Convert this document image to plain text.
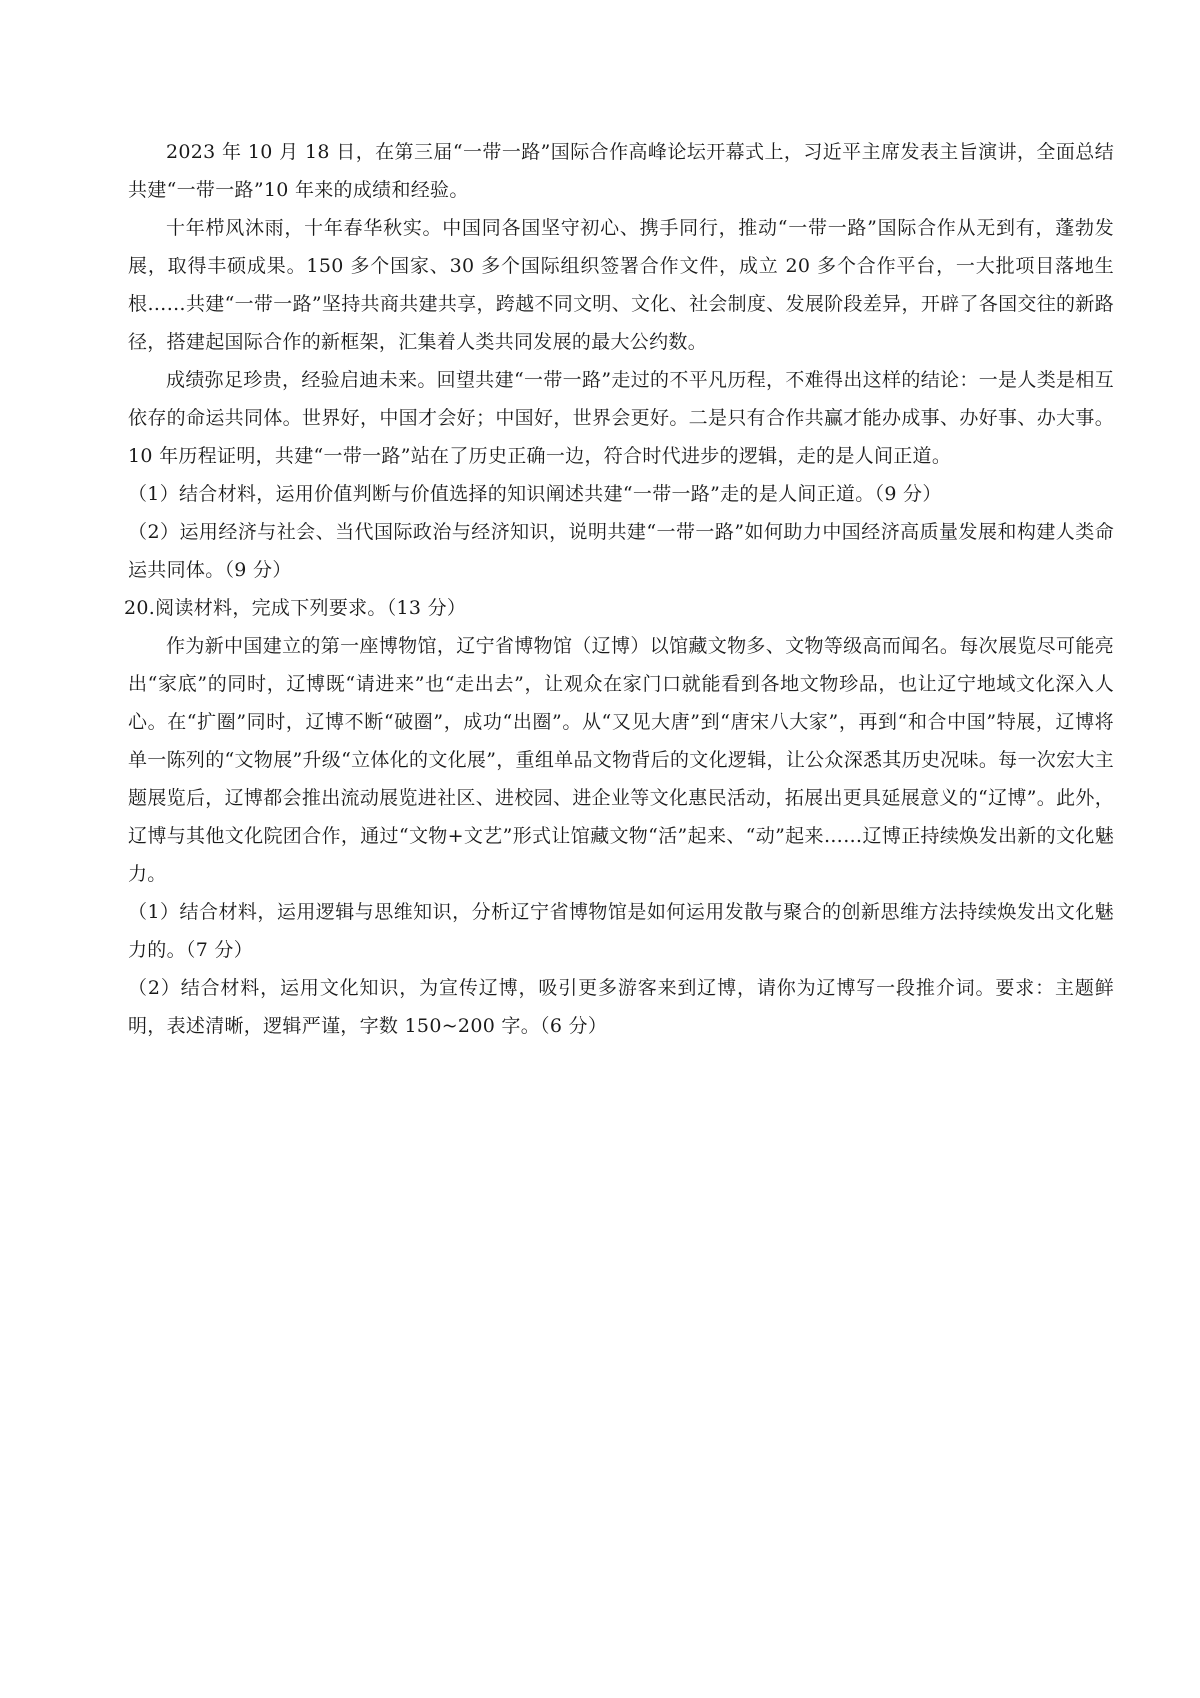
2023 年 10 月 18 日，在第三届“一带一路”国际合作高峰论坛开幕式上，习近平主席发表主旨演讲，全面总结共建“一带一路”10 年来的成绩和经验。

十年栉风沐雨，十年春华秋实。中国同各国坚守初心、携手同行，推动“一带一路”国际合作从无到有，蓬勃发展，取得丰硕成果。150 多个国家、30 多个国际组织签署合作文件，成立 20 多个合作平台，一大批项目落地生根……共建“一带一路”坚持共商共建共享，跨越不同文明、文化、社会制度、发展阶段差异，开辟了各国交往的新路径，搭建起国际合作的新框架，汇集着人类共同发展的最大公约数。

成绩弥足珍贵，经验启迪未来。回望共建“一带一路”走过的不平凡历程，不难得出这样的结论：一是人类是相互依存的命运共同体。世界好，中国才会好；中国好，世界会更好。二是只有合作共赢才能办成事、办好事、办大事。10 年历程证明，共建“一带一路”站在了历史正确一边，符合时代进步的逻辑，走的是人间正道。

（1）结合材料，运用价值判断与价值选择的知识阐述共建“一带一路”走的是人间正道。（9 分）

（2）运用经济与社会、当代国际政治与经济知识，说明共建“一带一路”如何助力中国经济高质量发展和构建人类命运共同体。（9 分）

20.阅读材料，完成下列要求。（13 分）

作为新中国建立的第一座博物馆，辽宁省博物馆（辽博）以馆藏文物多、文物等级高而闻名。每次展览尽可能亮出“家底”的同时，辽博既“请进来”也“走出去”，让观众在家门口就能看到各地文物珍品，也让辽宁地域文化深入人心。在“扩圈”同时，辽博不断“破圈”，成功“出圈”。从“又见大唐”到“唐宋八大家”，再到“和合中国”特展，辽博将单一陈列的“文物展”升级“立体化的文化展”，重组单品文物背后的文化逻辑，让公众深悉其历史况味。每一次宏大主题展览后，辽博都会推出流动展览进社区、进校园、进企业等文化惠民活动，拓展出更具延展意义的“辽博”。此外，辽博与其他文化院团合作，通过“文物+文艺”形式让馆藏文物“活”起来、“动”起来……辽博正持续焕发出新的文化魅力。

（1）结合材料，运用逻辑与思维知识，分析辽宁省博物馆是如何运用发散与聚合的创新思维方法持续焕发出文化魅力的。（7 分）

（2）结合材料，运用文化知识，为宣传辽博，吸引更多游客来到辽博，请你为辽博写一段推介词。要求：主题鲜明，表述清晰，逻辑严谨，字数 150~200 字。（6 分）
